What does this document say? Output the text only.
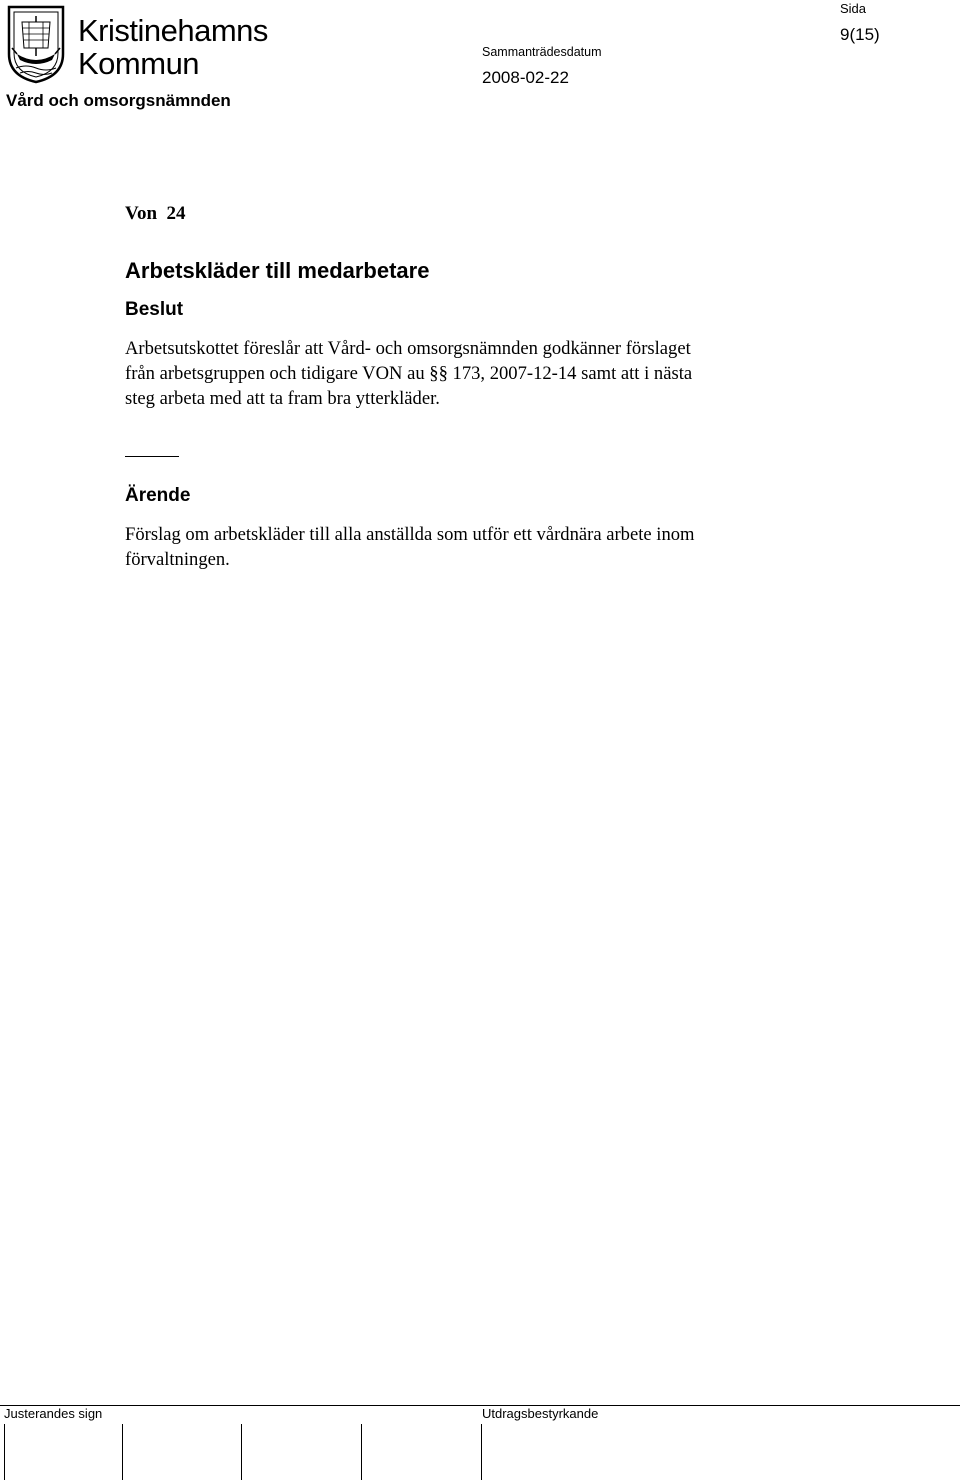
Kristinehamns
Kommun
Vård och omsorgsnämnden
Sammanträdesdatum
2008-02-22
Sida
9(15)
Von  24
Arbetskläder till medarbetare
Beslut
Arbetsutskottet föreslår att Vård- och omsorgsnämnden godkänner förslaget
från arbetsgruppen och tidigare VON au §§ 173, 2007-12-14 samt att i nästa
steg arbeta med att ta fram bra ytterkläder.
Ärende
Förslag om arbetskläder till alla anställda som utför ett vårdnära arbete inom
förvaltningen.
Justerandes sign	Utdragsbestyrkande
